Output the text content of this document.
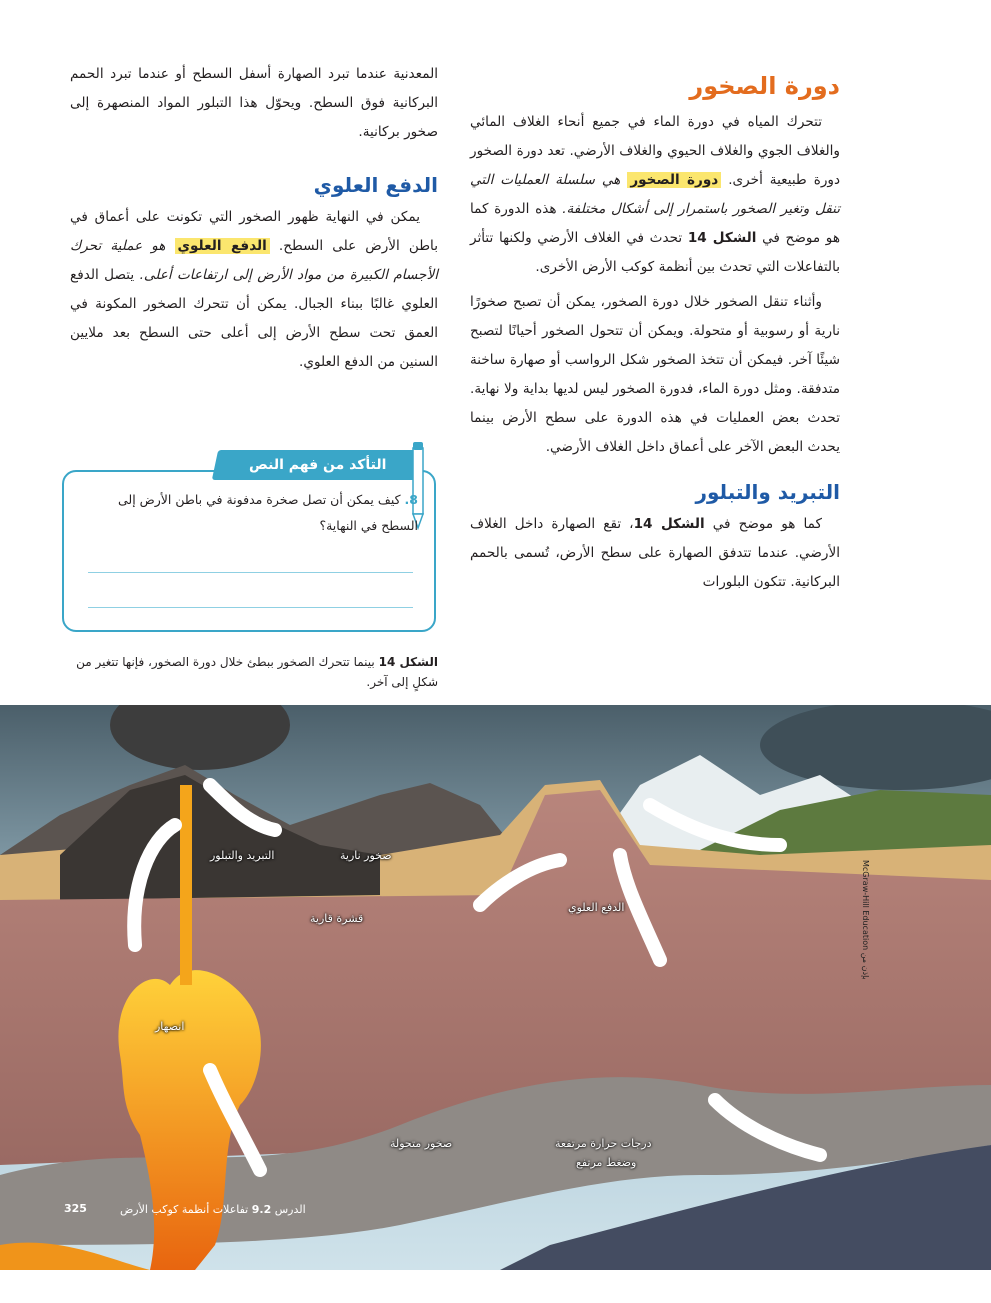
دورة الصخور

تتحرك المياه في دورة الماء في جميع أنحاء الغلاف المائي والغلاف الجوي والغلاف الحيوي والغلاف الأرضي. تعد دورة الصخور دورة طبيعية أخرى. دورة الصخور هي سلسلة العمليات التي تنقل وتغير الصخور باستمرار إلى أشكال مختلفة. هذه الدورة كما هو موضح في الشكل 14 تحدث في الغلاف الأرضي ولكنها تتأثر بالتفاعلات التي تحدث بين أنظمة كوكب الأرض الأخرى.

وأثناء تنقل الصخور خلال دورة الصخور، يمكن أن تصبح صخورًا نارية أو رسوبية أو متحولة. ويمكن أن تتحول الصخور أحيانًا لتصبح شيئًا آخر. فيمكن أن تتخذ الصخور شكل الرواسب أو صهارة ساخنة متدفقة. ومثل دورة الماء، فدورة الصخور ليس لديها بداية ولا نهاية. تحدث بعض العمليات في هذه الدورة على سطح الأرض بينما يحدث البعض الآخر على أعماق داخل الغلاف الأرضي.

التبريد والتبلور

كما هو موضح في الشكل 14، تقع الصهارة داخل الغلاف الأرضي. عندما تتدفق الصهارة على سطح الأرض، تُسمى بالحمم البركانية. تتكون البلورات

المعدنية عندما تبرد الصهارة أسفل السطح أو عندما تبرد الحمم البركانية فوق السطح. ويحوّل هذا التبلور المواد المنصهرة إلى صخور بركانية.

الدفع العلوي

يمكن في النهاية ظهور الصخور التي تكونت على أعماق في باطن الأرض على السطح. الدفع العلوي هو عملية تحرك الأجسام الكبيرة من مواد الأرض إلى ارتفاعات أعلى. يتصل الدفع العلوي غالبًا ببناء الجبال. يمكن أن تتحرك الصخور المكونة في العمق تحت سطح الأرض إلى أعلى حتى السطح بعد ملايين السنين من الدفع العلوي.

التأكد من فهم النص
8. كيف يمكن أن تصل صخرة مدفونة في باطن الأرض إلى السطح في النهاية؟
الشكل 14 بينما تتحرك الصخور ببطئ خلال دورة الصخور، فإنها تتغير من شكلٍ إلى آخر.
التبريد والتبلور	صخور نارية
قشرة قارية
الدفع العلوي
انصهار
صخور متحولة	درجات حرارة مرتفعة
وضغط مرتفع
McGraw-Hill Education بإذن من
325	الدرس 9.2 تفاعلات أنظمة كوكب الأرض
